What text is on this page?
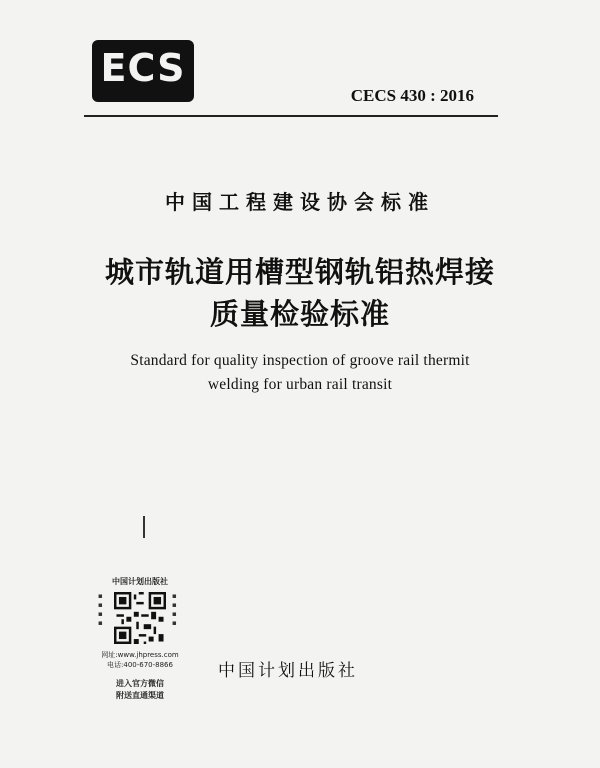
ECS
CECS 430 : 2016
中国工程建设协会标准
城市轨道用槽型钢轨铝热焊接
质量检验标准
Standard for quality inspection of groove rail thermit
welding for urban rail transit
中国计划出版社
▪
▪
▪
▪
▪
▪
▪
▪
网址:www.jhpress.com
电话:400-670-8866
进入官方微信
附送直通渠道
中国计划出版社
